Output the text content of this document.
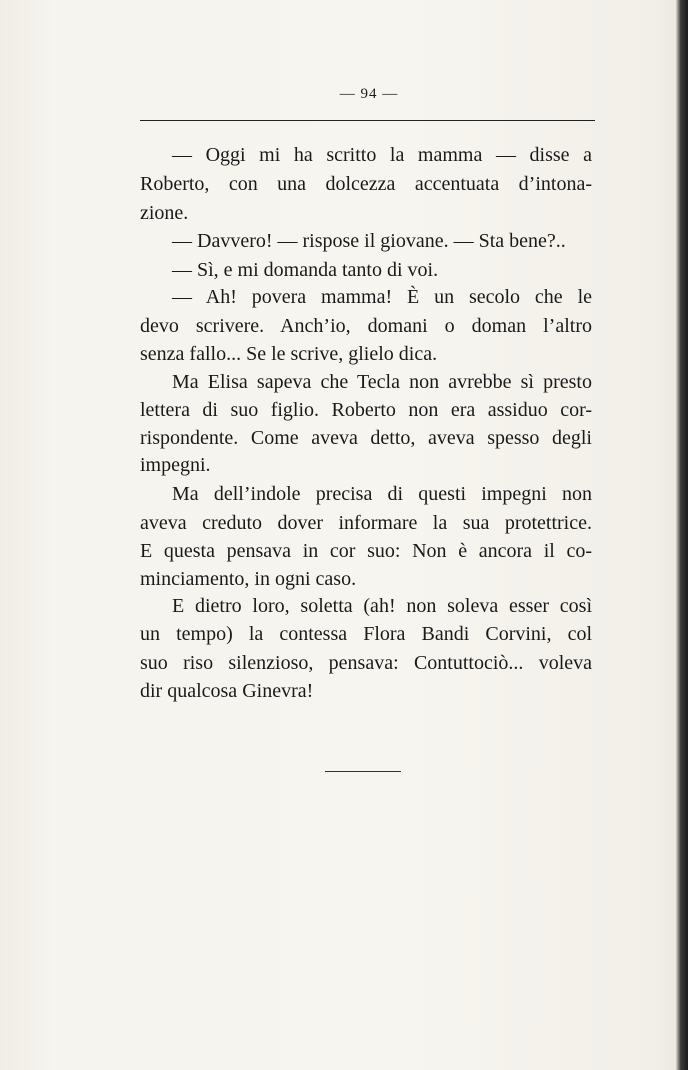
— 94 —
— Oggi mi ha scritto la mamma — disse a
Roberto, con una dolcezza accentuata d’intona-
zione.
— Davvero! — rispose il giovane. — Sta bene?..
— Sì, e mi domanda tanto di voi.
— Ah! povera mamma! È un secolo che le
devo scrivere. Anch’io, domani o doman l’altro
senza fallo... Se le scrive, glielo dica.
Ma Elisa sapeva che Tecla non avrebbe sì presto
lettera di suo figlio. Roberto non era assiduo cor-
rispondente. Come aveva detto, aveva spesso degli
impegni.
Ma dell’indole precisa di questi impegni non
aveva creduto dover informare la sua protettrice.
E questa pensava in cor suo: Non è ancora il co-
minciamento, in ogni caso.
E dietro loro, soletta (ah! non soleva esser così
un tempo) la contessa Flora Bandi Corvini, col
suo riso silenzioso, pensava: Contuttociò... voleva
dir qualcosa Ginevra!
